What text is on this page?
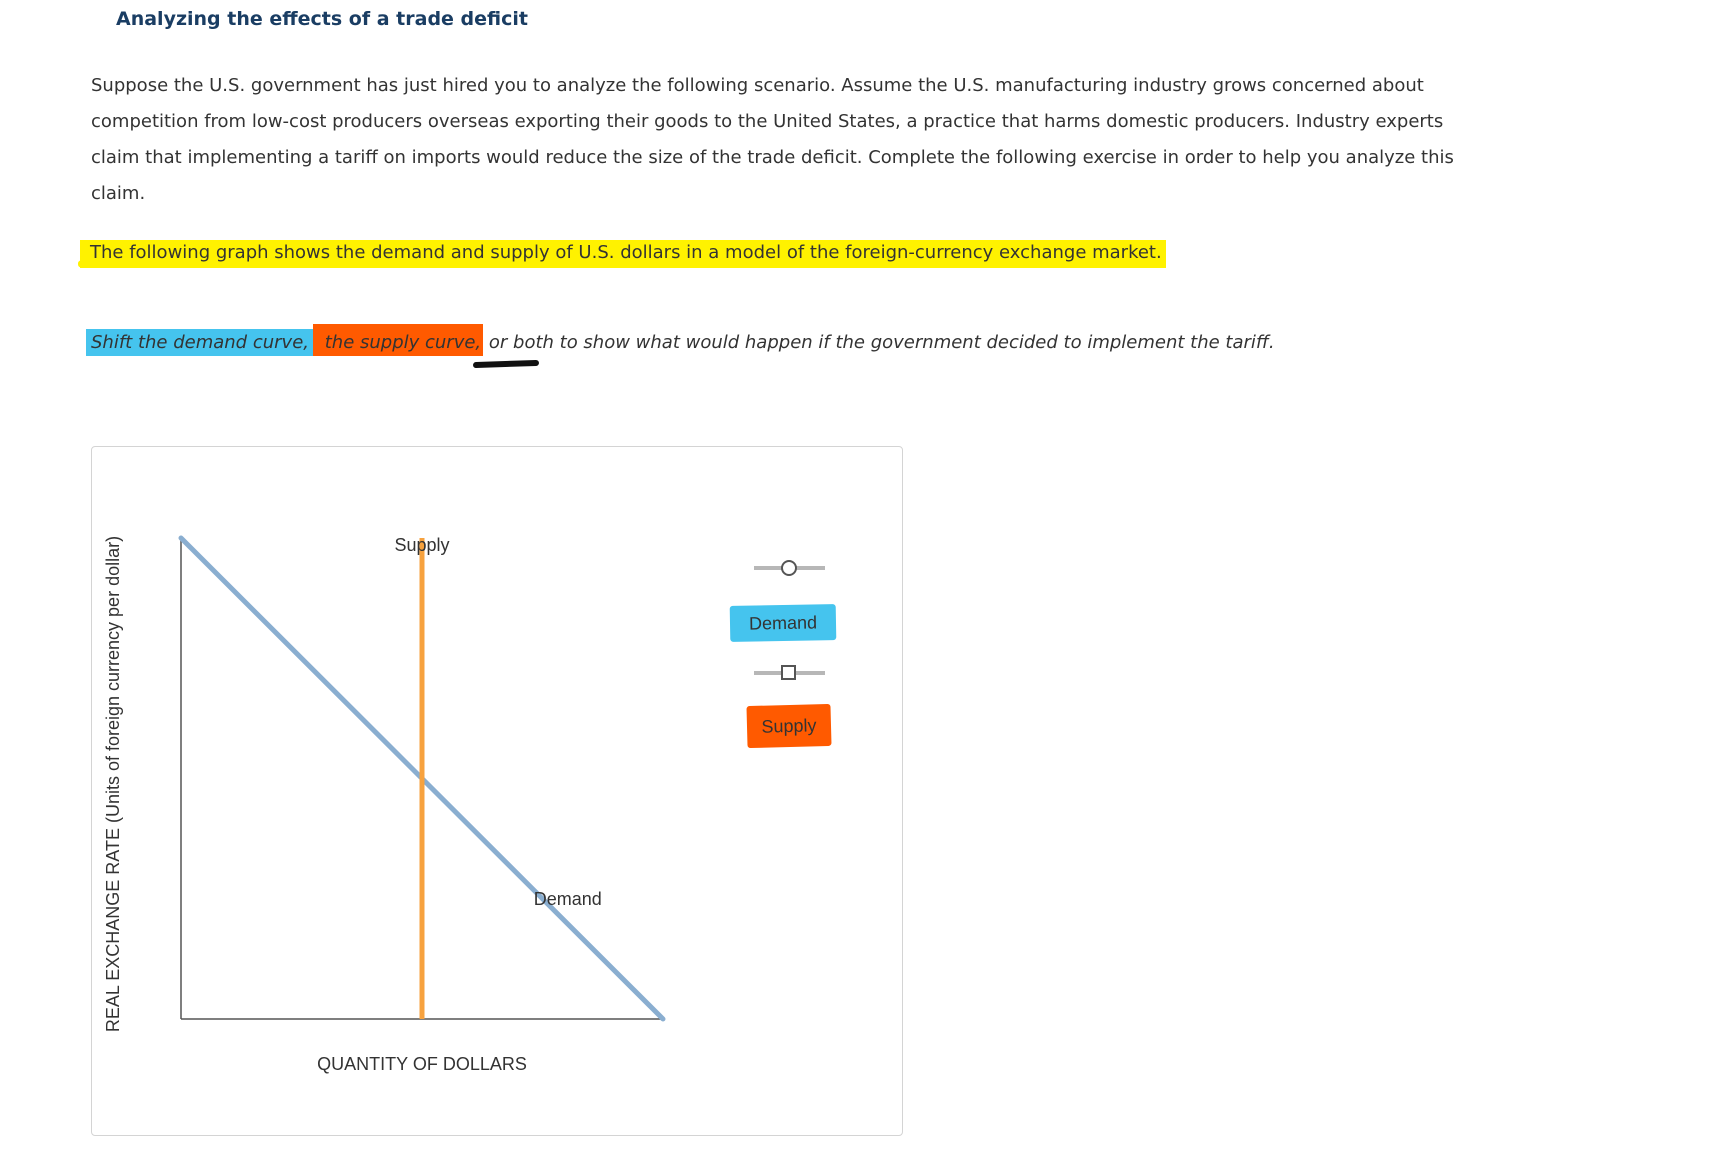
Analyzing the effects of a trade deficit

Suppose the U.S. government has just hired you to analyze the following scenario. Assume the U.S. manufacturing industry grows concerned about competition from low-cost producers overseas exporting their goods to the United States, a practice that harms domestic producers. Industry experts claim that implementing a tariff on imports would reduce the size of the trade deficit. Complete the following exercise in order to help you analyze this claim.

The following graph shows the demand and supply of U.S. dollars in a model of the foreign-currency exchange market.
Shift the demand curve, the supply curve, or both to show what would happen if the government decided to implement the tariff.
QUANTITY OF DOLLARS
REAL EXCHANGE RATE (Units of foreign currency per dollar)	Supply
Demand
Demand
Supply
